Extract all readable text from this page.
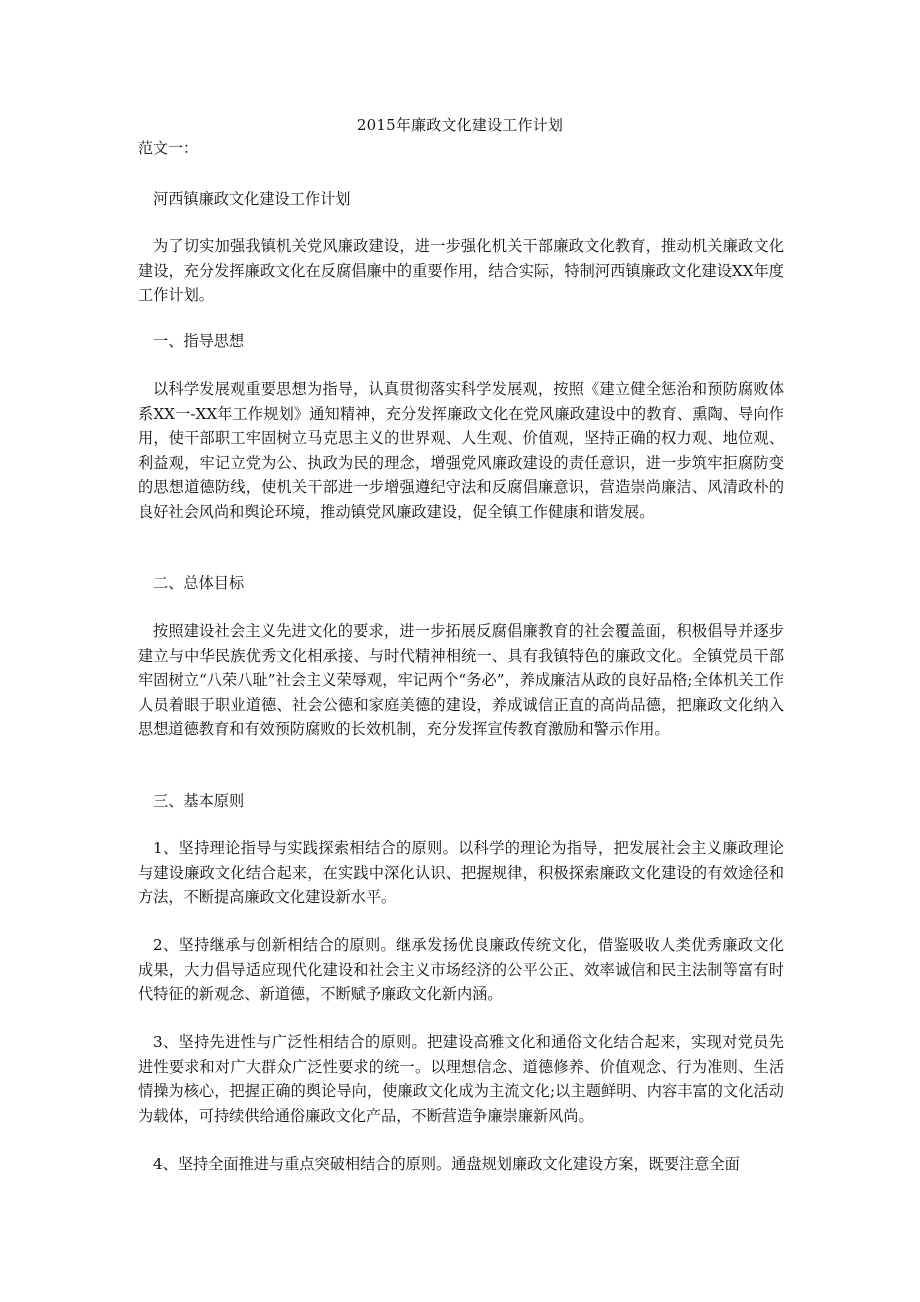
2015年廉政文化建设工作计划
范文一：

河西镇廉政文化建设工作计划

为了切实加强我镇机关党风廉政建设，进一步强化机关干部廉政文化教育，推动机关廉政文化建设，充分发挥廉政文化在反腐倡廉中的重要作用，结合实际，特制河西镇廉政文化建设XX年度工作计划。

一、指导思想

以科学发展观重要思想为指导，认真贯彻落实科学发展观，按照《建立健全惩治和预防腐败体系XX一-XX年工作规划》通知精神，充分发挥廉政文化在党风廉政建设中的教育、熏陶、导向作用，使干部职工牢固树立马克思主义的世界观、人生观、价值观，坚持正确的权力观、地位观、利益观，牢记立党为公、执政为民的理念，增强党风廉政建设的责任意识，进一步筑牢拒腐防变的思想道德防线，使机关干部进一步增强遵纪守法和反腐倡廉意识，营造崇尚廉洁、风清政朴的良好社会风尚和舆论环境，推动镇党风廉政建设，促全镇工作健康和谐发展。

二、总体目标

按照建设社会主义先进文化的要求，进一步拓展反腐倡廉教育的社会覆盖面，积极倡导并逐步建立与中华民族优秀文化相承接、与时代精神相统一、具有我镇特色的廉政文化。全镇党员干部牢固树立“八荣八耻”社会主义荣辱观，牢记两个“务必”，养成廉洁从政的良好品格;全体机关工作人员着眼于职业道德、社会公德和家庭美德的建设，养成诚信正直的高尚品德，把廉政文化纳入思想道德教育和有效预防腐败的长效机制，充分发挥宣传教育激励和警示作用。

三、基本原则

1、坚持理论指导与实践探索相结合的原则。以科学的理论为指导，把发展社会主义廉政理论与建设廉政文化结合起来，在实践中深化认识、把握规律，积极探索廉政文化建设的有效途径和方法，不断提高廉政文化建设新水平。

2、坚持继承与创新相结合的原则。继承发扬优良廉政传统文化，借鉴吸收人类优秀廉政文化成果，大力倡导适应现代化建设和社会主义市场经济的公平公正、效率诚信和民主法制等富有时代特征的新观念、新道德，不断赋予廉政文化新内涵。

3、坚持先进性与广泛性相结合的原则。把建设高雅文化和通俗文化结合起来，实现对党员先进性要求和对广大群众广泛性要求的统一。以理想信念、道德修养、价值观念、行为准则、生活情操为核心，把握正确的舆论导向，使廉政文化成为主流文化;以主题鲜明、内容丰富的文化活动为载体，可持续供给通俗廉政文化产品，不断营造争廉崇廉新风尚。

4、坚持全面推进与重点突破相结合的原则。通盘规划廉政文化建设方案，既要注意全面
